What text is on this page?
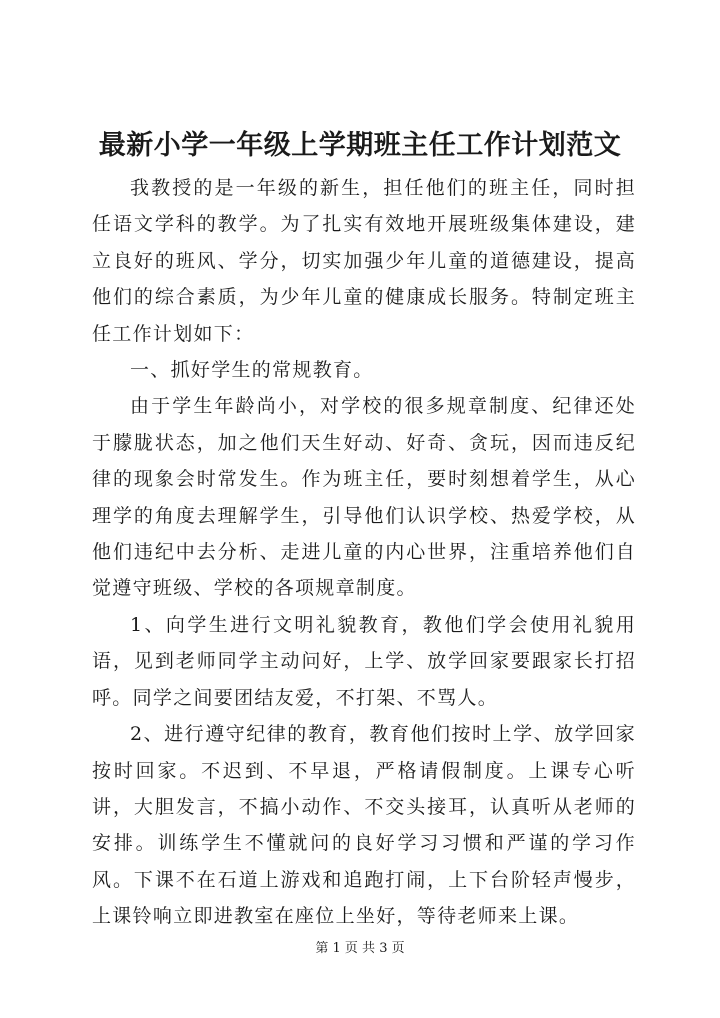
最新小学一年级上学期班主任工作计划范文

我教授的是一年级的新生，担任他们的班主任，同时担任语文学科的教学。为了扎实有效地开展班级集体建设，建立良好的班风、学分，切实加强少年儿童的道德建设，提高他们的综合素质，为少年儿童的健康成长服务。特制定班主任工作计划如下：

一、抓好学生的常规教育。

由于学生年龄尚小，对学校的很多规章制度、纪律还处于朦胧状态，加之他们天生好动、好奇、贪玩，因而违反纪律的现象会时常发生。作为班主任，要时刻想着学生，从心理学的角度去理解学生，引导他们认识学校、热爱学校，从他们违纪中去分析、走进儿童的内心世界，注重培养他们自觉遵守班级、学校的各项规章制度。

1、向学生进行文明礼貌教育，教他们学会使用礼貌用语，见到老师同学主动问好，上学、放学回家要跟家长打招呼。同学之间要团结友爱，不打架、不骂人。

2、进行遵守纪律的教育，教育他们按时上学、放学回家按时回家。不迟到、不早退，严格请假制度。上课专心听讲，大胆发言，不搞小动作、不交头接耳，认真听从老师的安排。训练学生不懂就问的良好学习习惯和严谨的学习作风。下课不在石道上游戏和追跑打闹，上下台阶轻声慢步，上课铃响立即进教室在座位上坐好，等待老师来上课。

第 1 页 共 3 页
